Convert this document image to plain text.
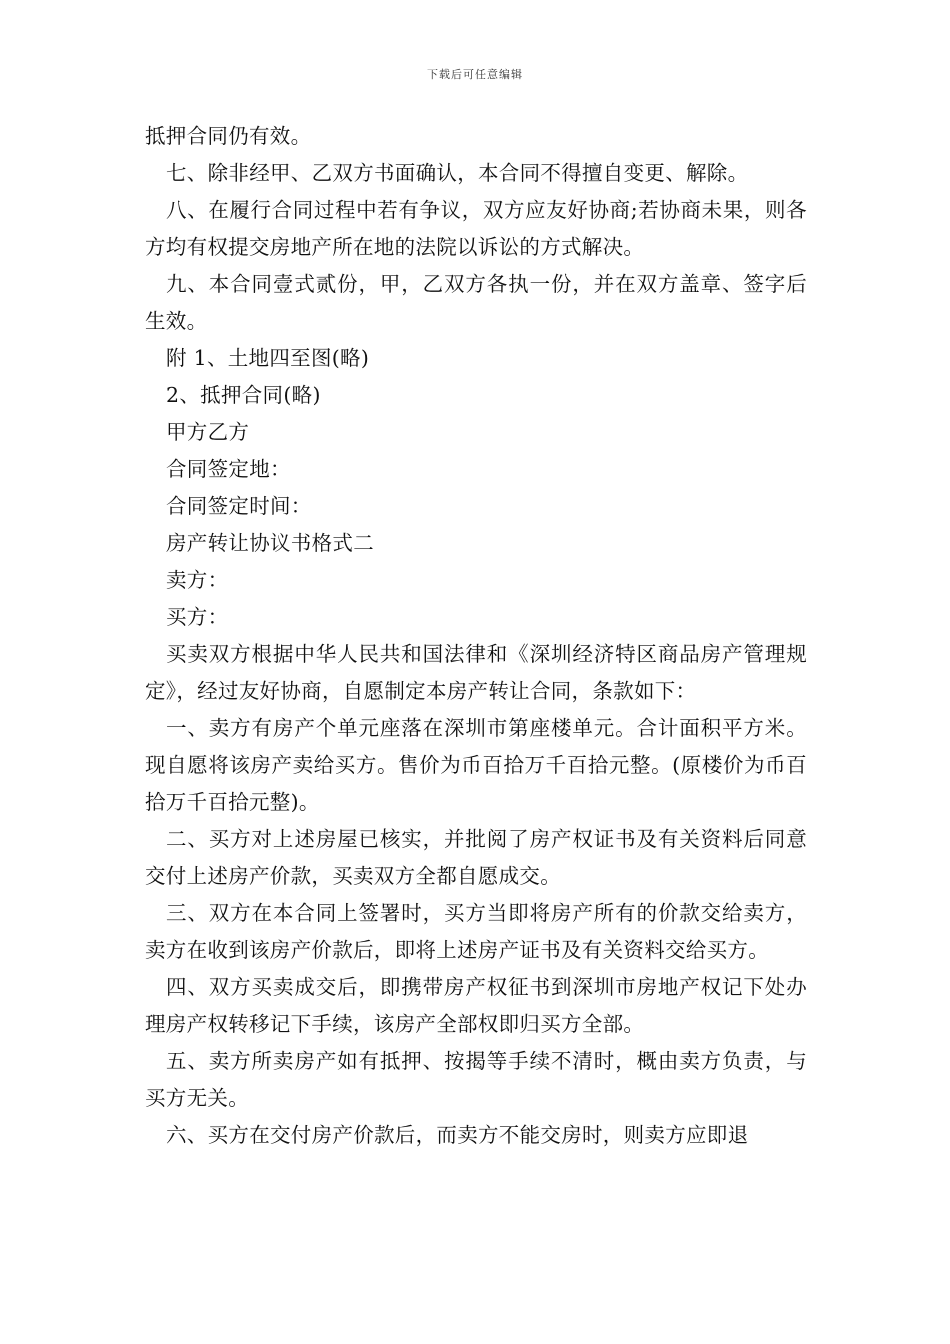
下载后可任意编辑

抵押合同仍有效。

七、除非经甲、乙双方书面确认，本合同不得擅自变更、解除。

八、在履行合同过程中若有争议，双方应友好协商;若协商未果，则各方均有权提交房地产所在地的法院以诉讼的方式解决。

九、本合同壹式贰份，甲，乙双方各执一份，并在双方盖章、签字后生效。

附 1、土地四至图(略)

2、抵押合同(略)

甲方乙方

合同签定地：

合同签定时间：

房产转让协议书格式二

卖方：

买方：

买卖双方根据中华人民共和国法律和《深圳经济特区商品房产管理规定》，经过友好协商，自愿制定本房产转让合同，条款如下：

一、卖方有房产个单元座落在深圳市第座楼单元。合计面积平方米。现自愿将该房产卖给买方。售价为币百拾万千百拾元整。(原楼价为币百拾万千百拾元整)。

二、买方对上述房屋已核实，并批阅了房产权证书及有关资料后同意交付上述房产价款，买卖双方全都自愿成交。

三、双方在本合同上签署时，买方当即将房产所有的价款交给卖方，卖方在收到该房产价款后，即将上述房产证书及有关资料交给买方。

四、双方买卖成交后，即携带房产权征书到深圳市房地产权记下处办理房产权转移记下手续，该房产全部权即归买方全部。

五、卖方所卖房产如有抵押、按揭等手续不清时，概由卖方负责，与买方无关。

六、买方在交付房产价款后，而卖方不能交房时，则卖方应即退
